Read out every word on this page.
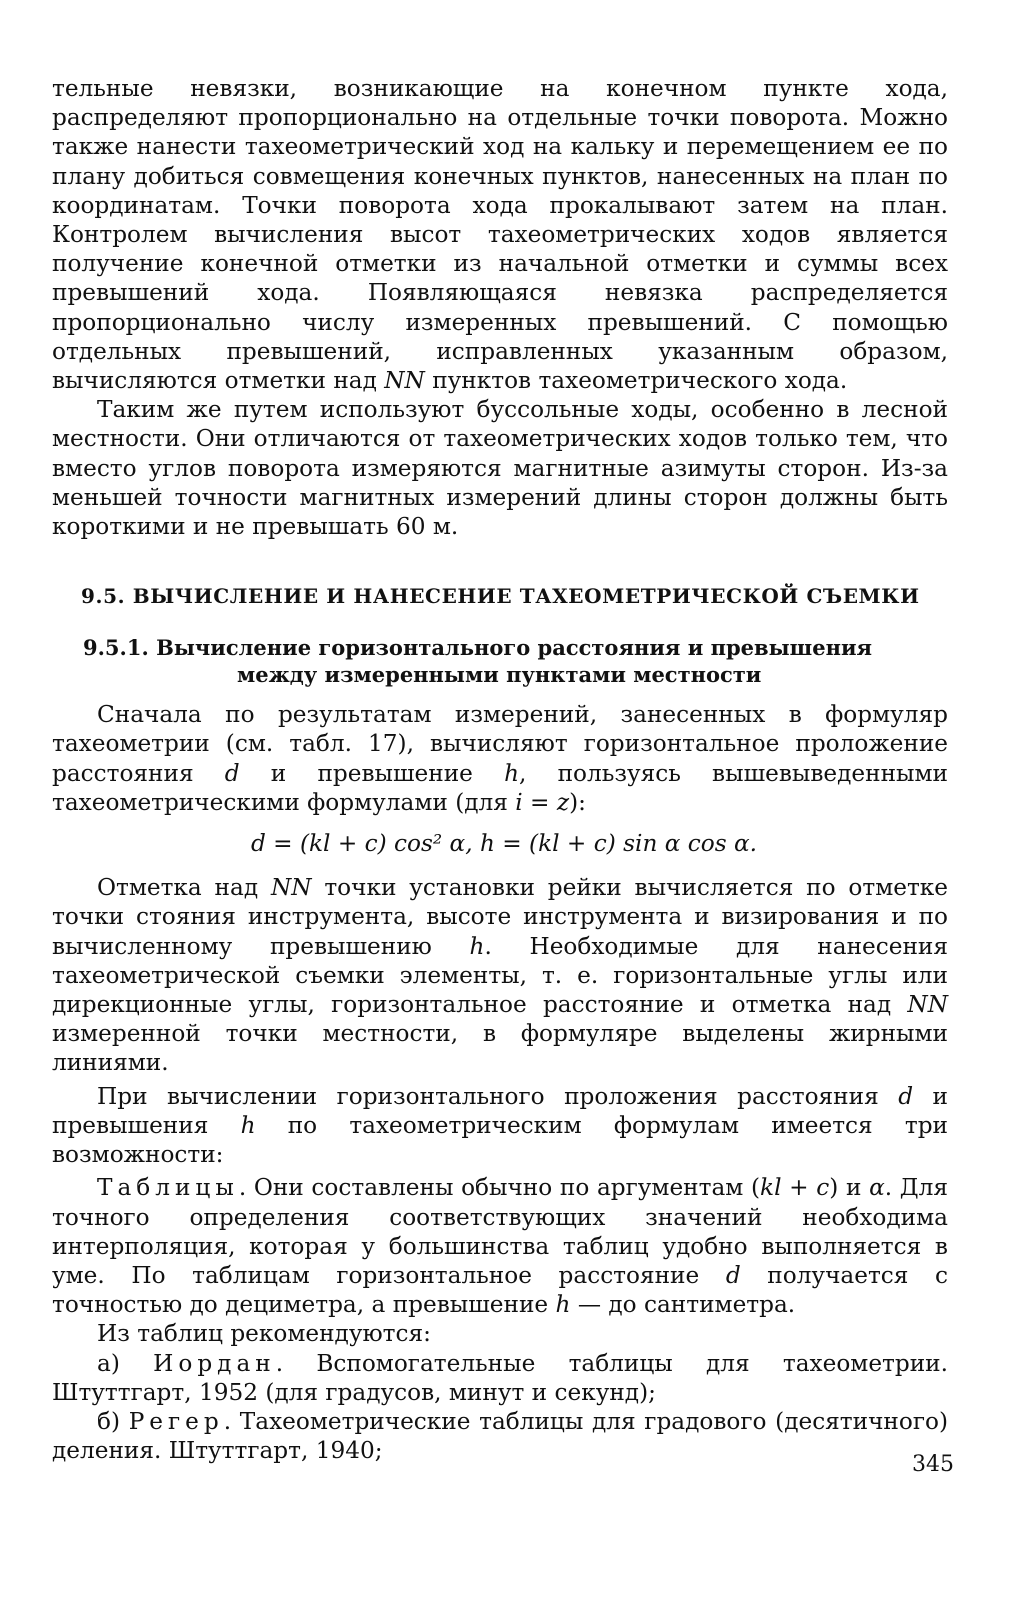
тельные невязки, возникающие на конечном пункте хода, распределяют пропорционально на отдельные точки поворота. Можно также нанести тахеометрический ход на кальку и перемещением ее по плану добиться совмещения конечных пунктов, нанесенных на план по координатам. Точки поворота хода прокалывают затем на план. Контролем вычисления высот тахеометрических ходов является получение конечной отметки из начальной отметки и суммы всех превышений хода. Появляющаяся невязка распределяется пропорционально числу измеренных превышений. С помощью отдельных превышений, исправленных указанным образом, вычисляются отметки над NN пунктов тахеометрического хода.

Таким же путем используют буссольные ходы, особенно в лесной местности. Они отличаются от тахеометрических ходов только тем, что вместо углов поворота измеряются магнитные азимуты сторон. Из-за меньшей точности магнитных измерений длины сторон должны быть короткими и не превышать 60 м.

9.5. ВЫЧИСЛЕНИЕ И НАНЕСЕНИЕ ТАХЕОМЕТРИЧЕСКОЙ СЪЕМКИ
9.5.1. Вычисление горизонтального расстояния и превышения
между измеренными пунктами местности

Сначала по результатам измерений, занесенных в формуляр тахеометрии (см. табл. 17), вычисляют горизонтальное проложение расстояния d и превышение h, пользуясь вышевыведенными тахеометрическими формулами (для i = z):

d = (kl + c) cos² α, h = (kl + c) sin α cos α.

Отметка над NN точки установки рейки вычисляется по отметке точки стояния инструмента, высоте инструмента и визирования и по вычисленному превышению h. Необходимые для нанесения тахеометрической съемки элементы, т. е. горизонтальные углы или дирекционные углы, горизонтальное расстояние и отметка над NN измеренной точки местности, в формуляре выделены жирными линиями.

При вычислении горизонтального проложения расстояния d и превышения h по тахеометрическим формулам имеется три возможности:

Таблицы. Они составлены обычно по аргументам (kl + c) и α. Для точного определения соответствующих значений необходима интерполяция, которая у большинства таблиц удобно выполняется в уме. По таблицам горизонтальное расстояние d получается с точностью до дециметра, а превышение h — до сантиметра.

Из таблиц рекомендуются:

а) Иордан. Вспомогательные таблицы для тахеометрии. Штуттгарт, 1952 (для градусов, минут и секунд);

б) Регер. Тахеометрические таблицы для градового (десятичного) деления. Штуттгарт, 1940;

345
